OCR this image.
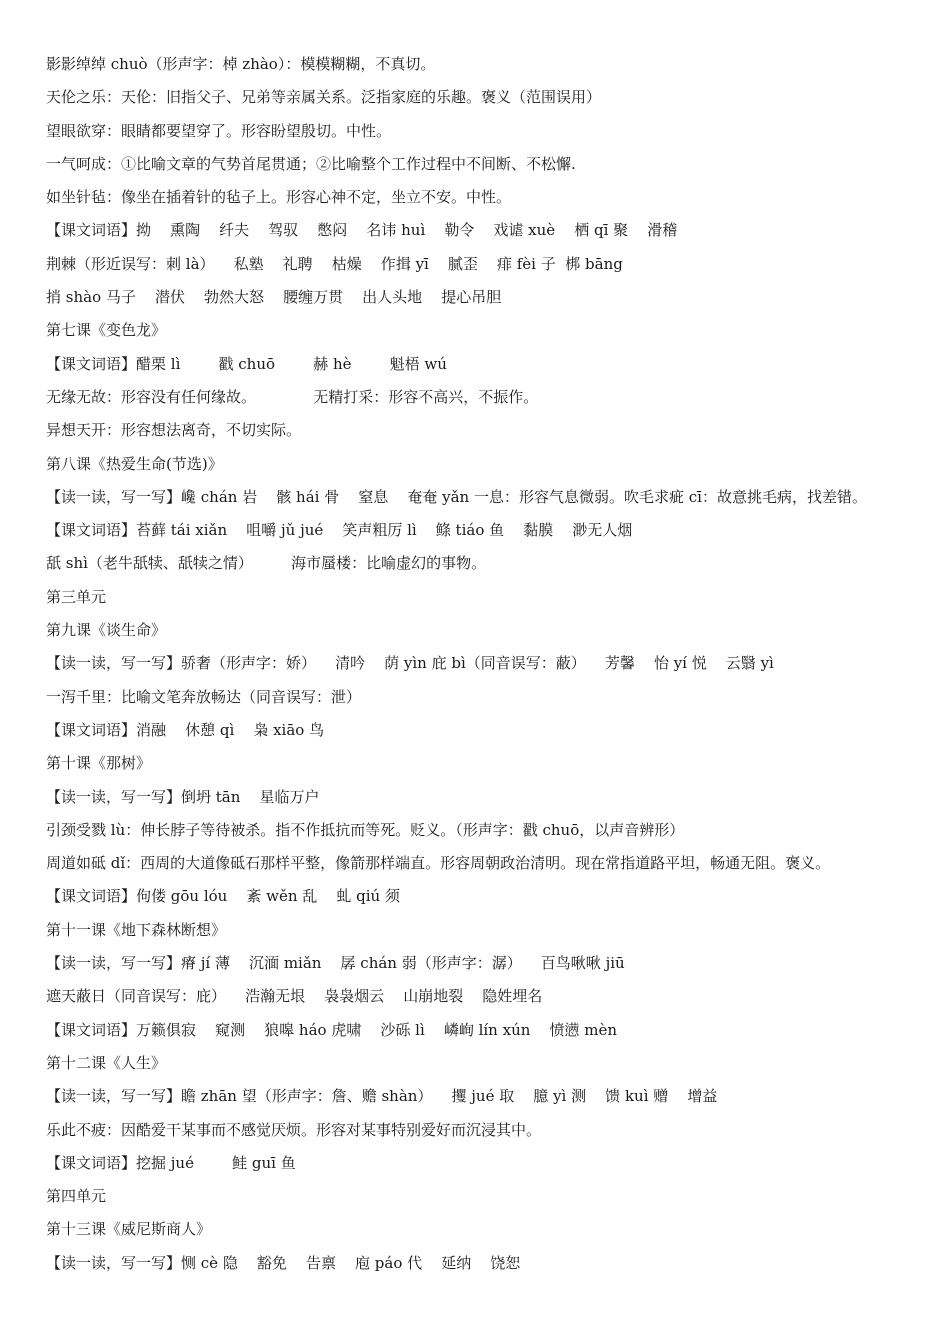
影影绰绰 chuò（形声字：棹 zhào）：模模糊糊，不真切。
天伦之乐：天伦：旧指父子、兄弟等亲属关系。泛指家庭的乐趣。褒义（范围误用）
望眼欲穿：眼睛都要望穿了。形容盼望殷切。中性。
一气呵成：①比喻文章的气势首尾贯通；②比喻整个工作过程中不间断、不松懈.
如坐针毡：像坐在插着针的毡子上。形容心神不定，坐立不安。中性。
【课文词语】拗    熏陶    纤夫    驾驭    憋闷    名讳 huì    勒令    戏谑 xuè    栖 qī 聚    滑稽
荆棘（形近误写：刺 là）    私塾    礼聘    枯燥    作揖 yī    腻歪    痱 fèi 子  梆 bāng
捎 shào 马子    潜伏    勃然大怒    腰缠万贯    出人头地    提心吊胆
第七课《变色龙》
【课文词语】醋栗 lì        戳 chuō        赫 hè        魁梧 wú
无缘无故：形容没有任何缘故。            无精打采：形容不高兴，不振作。
异想天开：形容想法离奇，不切实际。
第八课《热爱生命(节选)》
【读一读，写一写】巉 chán 岩    骸 hái 骨    窒息    奄奄 yǎn 一息：形容气息微弱。吹毛求疵 cī：故意挑毛病，找差错。
【课文词语】苔藓 tái xiǎn    咀嚼 jǔ jué    笑声粗厉 lì    鲦 tiáo 鱼    黏膜    渺无人烟
舐 shì（老牛舐犊、舐犊之情）        海市蜃楼：比喻虚幻的事物。
第三单元
第九课《谈生命》
【读一读，写一写】骄奢（形声字：娇）    清吟    荫 yìn 庇 bì（同音误写：蔽）    芳馨    怡 yí 悦    云翳 yì
一泻千里：比喻文笔奔放畅达（同音误写：泄）
【课文词语】消融    休憩 qì    枭 xiāo 鸟
第十课《那树》
【读一读，写一写】倒坍 tān    星临万户
引颈受戮 lù：伸长脖子等待被杀。指不作抵抗而等死。贬义。（形声字：戳 chuō，以声音辨形）
周道如砥 dǐ：西周的大道像砥石那样平整，像箭那样端直。形容周朝政治清明。现在常指道路平坦，畅通无阻。褒义。
【课文词语】佝偻 gōu lóu    紊 wěn 乱    虬 qiú 须
第十一课《地下森林断想》
【读一读，写一写】瘠 jí 薄    沉湎 miǎn    孱 chán 弱（形声字：潺）    百鸟啾啾 jiū
遮天蔽日（同音误写：庇）    浩瀚无垠    袅袅烟云    山崩地裂    隐姓埋名
【课文词语】万籁俱寂    窥测    狼嗥 háo 虎啸    沙砾 lì    嶙峋 lín xún    愤懑 mèn
第十二课《人生》
【读一读，写一写】瞻 zhān 望（形声字：詹、赡 shàn）    攫 jué 取    臆 yì 测    馈 kuì 赠    增益
乐此不疲：因酷爱干某事而不感觉厌烦。形容对某事特别爱好而沉浸其中。
【课文词语】挖掘 jué        鲑 guī 鱼
第四单元
第十三课《威尼斯商人》
【读一读，写一写】恻 cè 隐    豁免    告禀    庖 páo 代    延纳    饶恕
